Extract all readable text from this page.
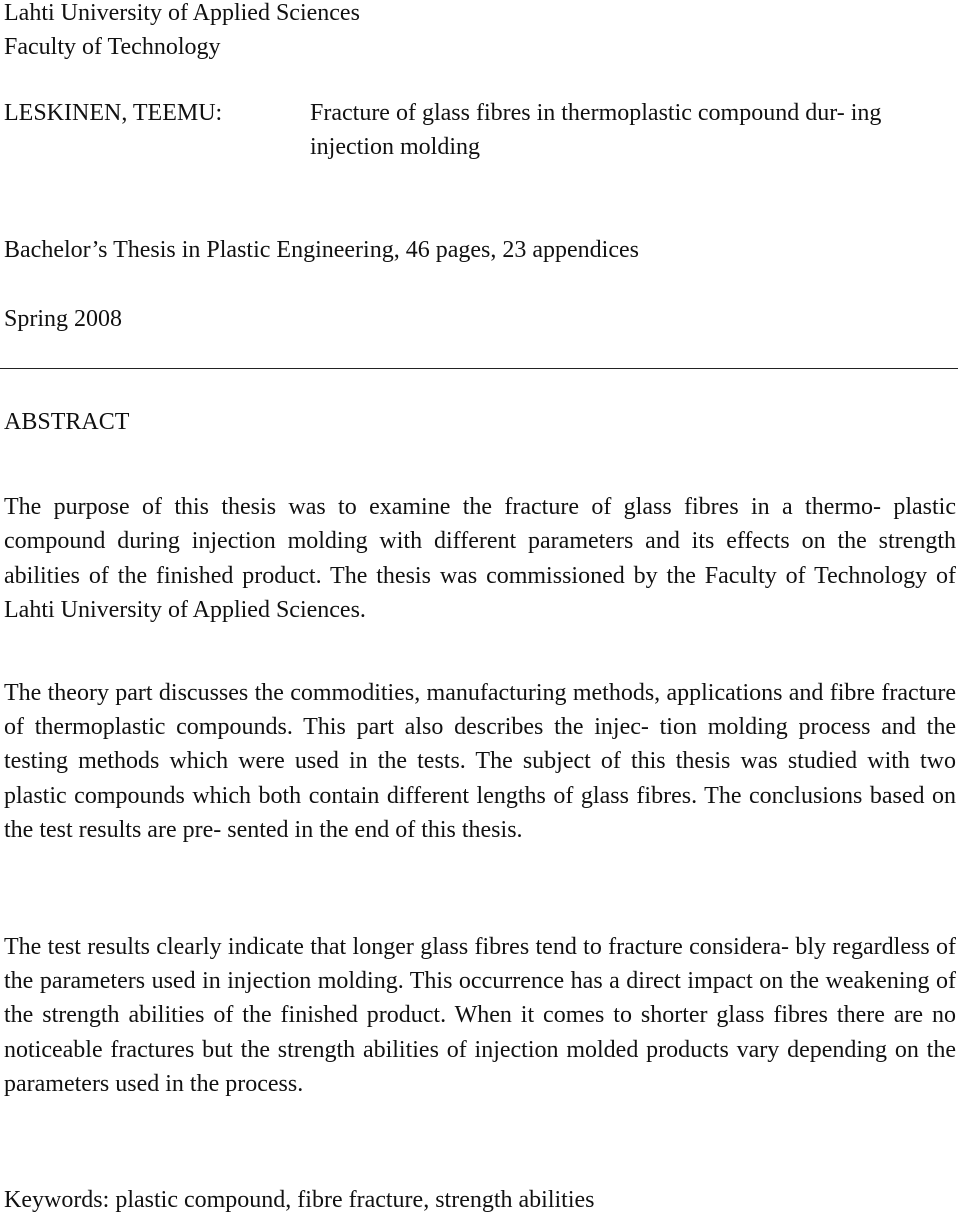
Lahti University of Applied Sciences
Faculty of Technology
LESKINEN, TEEMU:	Fracture of glass fibres in thermoplastic compound dur- ing injection molding
Bachelor’s Thesis in Plastic Engineering, 46 pages, 23 appendices
Spring 2008
ABSTRACT

The purpose of this thesis was to examine the fracture of glass fibres in a thermo- plastic compound during injection molding with different parameters and its effects on the strength abilities of the finished product. The thesis was commissioned by the Faculty of Technology of Lahti University of Applied Sciences.

The theory part discusses the commodities, manufacturing methods, applications and fibre fracture of thermoplastic compounds. This part also describes the injec- tion molding process and the testing methods which were used in the tests. The subject of this thesis was studied with two plastic compounds which both contain different lengths of glass fibres. The conclusions based on the test results are pre- sented in the end of this thesis.

The test results clearly indicate that longer glass fibres tend to fracture considera- bly regardless of the parameters used in injection molding. This occurrence has a direct impact on the weakening of the strength abilities of the finished product. When it comes to shorter glass fibres there are no noticeable fractures but the strength abilities of injection molded products vary depending on the parameters used in the process.

Keywords: plastic compound, fibre fracture, strength abilities
